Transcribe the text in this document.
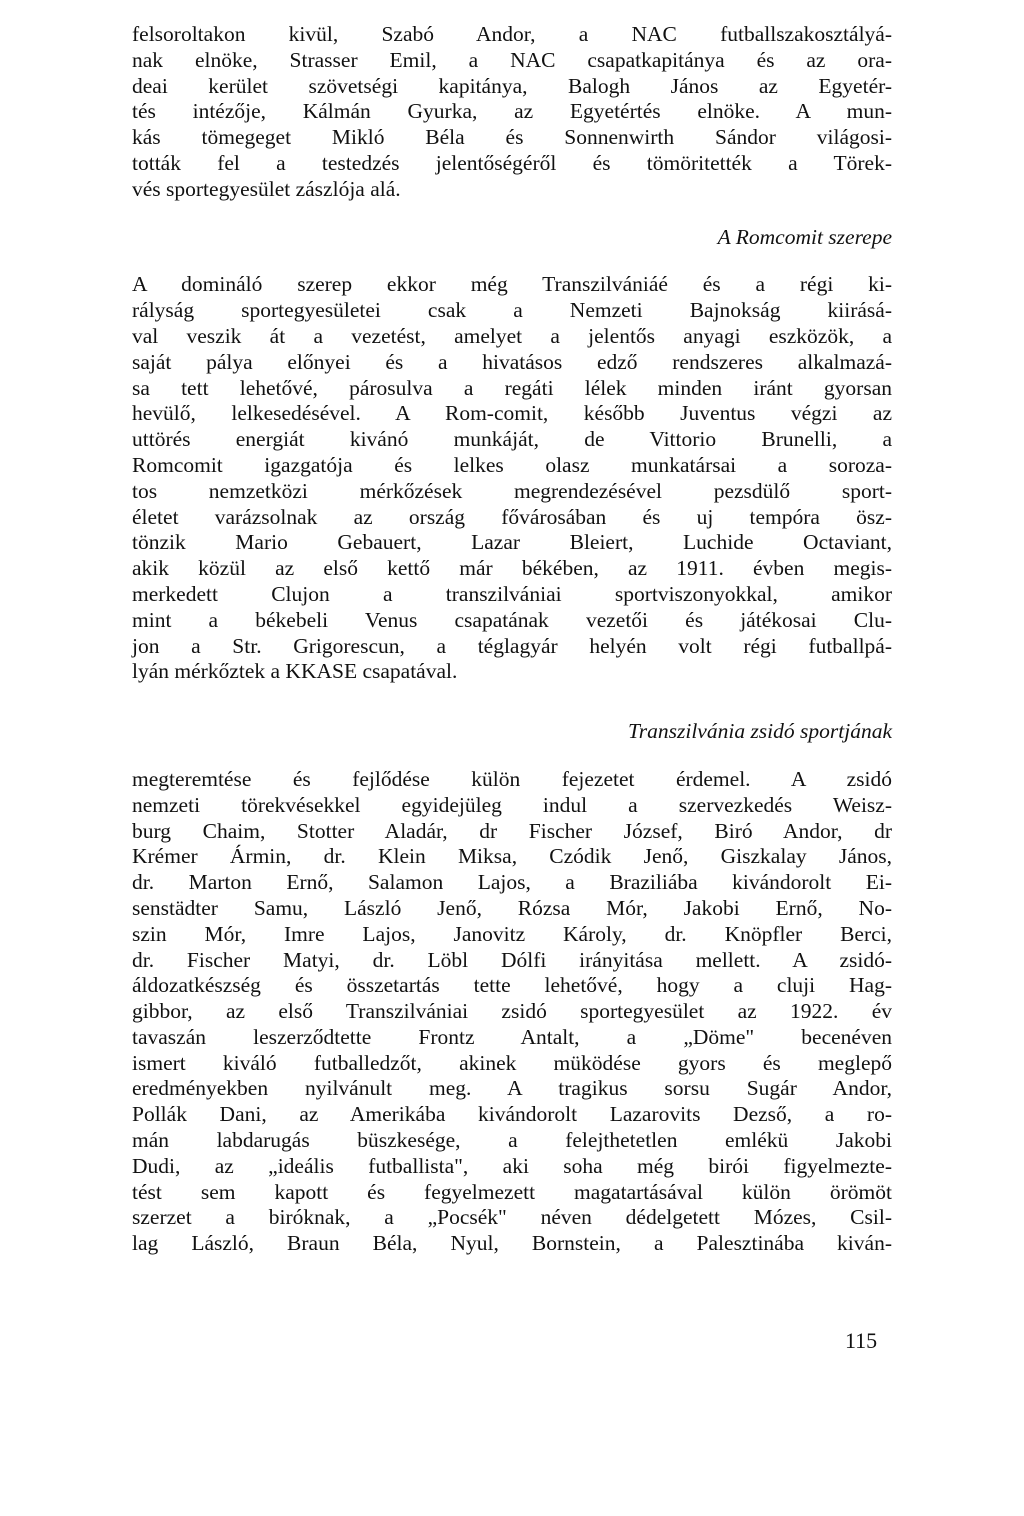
felsoroltakon kivül, Szabó Andor, a NAC futballszakosztályá-
nak elnöke, Strasser Emil, a NAC csapatkapitánya és az ora-
deai kerület szövetségi kapitánya, Balogh János az Egyetér-
tés intézője, Kálmán Gyurka, az Egyetértés elnöke. A mun-
kás tömegeget Mikló Béla és Sonnenwirth Sándor világosi-
tották fel a testedzés jelentőségéről és tömöritették a Törek-
vés sportegyesület zászlója alá.
A Romcomit szerepe
A domináló szerep ekkor még Transzilvániáé és a régi ki-
rályság sportegyesületei csak a Nemzeti Bajnokság kiirásá-
val veszik át a vezetést, amelyet a jelentős anyagi eszközök, a
saját pálya előnyei és a hivatásos edző rendszeres alkalmazá-
sa tett lehetővé, párosulva a regáti lélek minden iránt gyorsan
hevülő, lelkesedésével. A Rom-comit, később Juventus végzi az
uttörés energiát kivánó munkáját, de Vittorio Brunelli, a
Romcomit igazgatója és lelkes olasz munkatársai a soroza-
tos nemzetközi mérkőzések megrendezésével pezsdülő sport-
életet varázsolnak az ország fővárosában és uj tempóra ösz-
tönzik Mario Gebauert, Lazar Bleiert, Luchide Octaviant,
akik közül az első kettő már békében, az 1911. évben megis-
merkedett Clujon a transzilvániai sportviszonyokkal, amikor
mint a békebeli Venus csapatának vezetői és játékosai Clu-
jon a Str. Grigorescun, a téglagyár helyén volt régi futballpá-
lyán mérkőztek a KKASE csapatával.
Transzilvánia zsidó sportjának
megteremtése és fejlődése külön fejezetet érdemel. A zsidó
nemzeti törekvésekkel egyidejüleg indul a szervezkedés Weisz-
burg Chaim, Stotter Aladár, dr Fischer József, Biró Andor, dr
Krémer Ármin, dr. Klein Miksa, Czódik Jenő, Giszkalay János,
dr. Marton Ernő, Salamon Lajos, a Braziliába kivándorolt Ei-
senstädter Samu, László Jenő, Rózsa Mór, Jakobi Ernő, No-
szin Mór, Imre Lajos, Janovitz Károly, dr. Knöpfler Berci,
dr. Fischer Matyi, dr. Löbl Dólfi irányitása mellett. A zsidó-
áldozatkészség és összetartás tette lehetővé, hogy a cluji Hag-
gibbor, az első Transzilvániai zsidó sportegyesület az 1922. év
tavaszán leszerződtette Frontz Antalt, a „Döme" becenéven
ismert kiváló futballedzőt, akinek müködése gyors és meglepő
eredményekben nyilvánult meg. A tragikus sorsu Sugár Andor,
Pollák Dani, az Amerikába kivándorolt Lazarovits Dezső, a ro-
mán labdarugás büszkesége, a felejthetetlen emlékü Jakobi
Dudi, az „ideális futballista", aki soha még birói figyelmezte-
tést sem kapott és fegyelmezett magatartásával külön örömöt
szerzet a biróknak, a „Pocsék" néven dédelgetett Mózes, Csil-
lag László, Braun Béla, Nyul, Bornstein, a Palesztinába kiván-
115
